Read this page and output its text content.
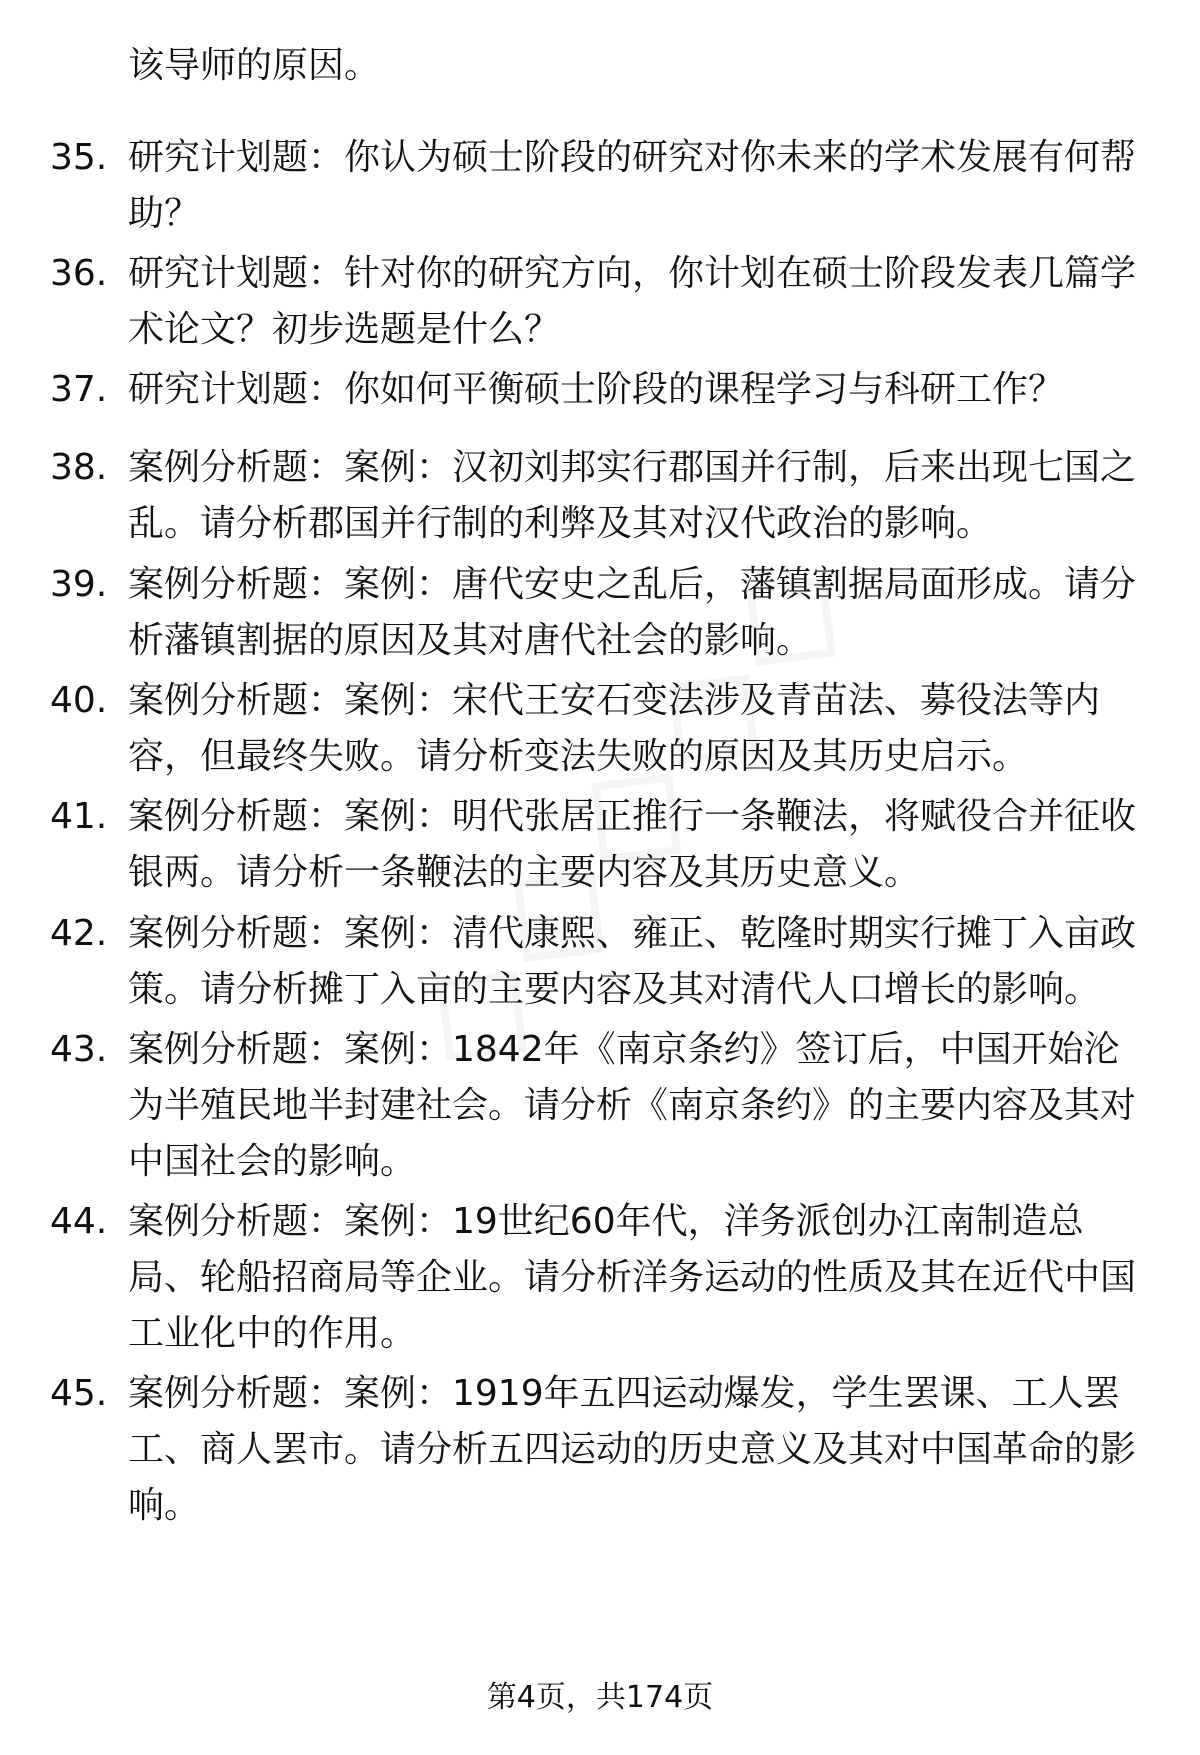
该导师的原因。

35. 研究计划题：你认为硕士阶段的研究对你未来的学术发展有何帮助？

36. 研究计划题：针对你的研究方向，你计划在硕士阶段发表几篇学术论文？初步选题是什么？

37. 研究计划题：你如何平衡硕士阶段的课程学习与科研工作？

38. 案例分析题：案例：汉初刘邦实行郡国并行制，后来出现七国之乱。请分析郡国并行制的利弊及其对汉代政治的影响。

39. 案例分析题：案例：唐代安史之乱后，藩镇割据局面形成。请分析藩镇割据的原因及其对唐代社会的影响。

40. 案例分析题：案例：宋代王安石变法涉及青苗法、募役法等内容，但最终失败。请分析变法失败的原因及其历史启示。

41. 案例分析题：案例：明代张居正推行一条鞭法，将赋役合并征收银两。请分析一条鞭法的主要内容及其历史意义。

42. 案例分析题：案例：清代康熙、雍正、乾隆时期实行摊丁入亩政策。请分析摊丁入亩的主要内容及其对清代人口增长的影响。

43. 案例分析题：案例：1842年《南京条约》签订后，中国开始沦为半殖民地半封建社会。请分析《南京条约》的主要内容及其对中国社会的影响。

44. 案例分析题：案例：19世纪60年代，洋务派创办江南制造总局、轮船招商局等企业。请分析洋务运动的性质及其在近代中国工业化中的作用。

45. 案例分析题：案例：1919年五四运动爆发，学生罢课、工人罢工、商人罢市。请分析五四运动的历史意义及其对中国革命的影响。

第4页，共174页
